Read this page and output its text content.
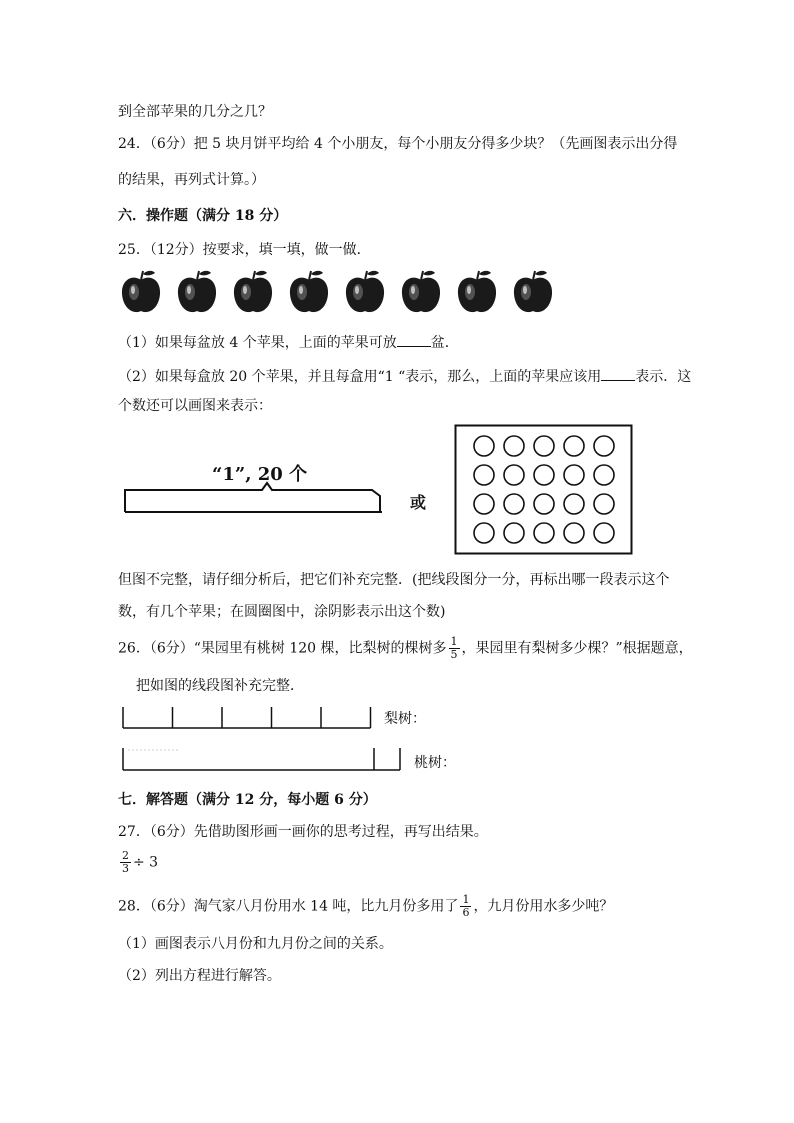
到全部苹果的几分之几？
24．（6分）把 5 块月饼平均给 4 个小朋友，每个小朋友分得多少块？（先画图表示出分得
的结果，再列式计算。）
六．操作题（满分 18 分）
25．（12分）按要求，填一填，做一做．
（1）如果每盆放 4 个苹果，上面的苹果可放 盆．
（2）如果每盒放 20 个苹果，并且每盒用“1 “表示，那么，上面的苹果应该用 表示．这
个数还可以画图来表示：
“1”, 20 个
或
但图不完整，请仔细分析后，把它们补充完整．(把线段图分一分，再标出哪一段表示这个
数，有几个苹果；在圆圈图中，涂阴影表示出这个数)
26．（6分）“果园里有桃树 120 棵，比梨树的棵树多 $\frac{1}{5}$ ，果园里有梨树多少棵？”根据题意，
把如图的线段图补充完整．
梨树：
桃树：
七．解答题（满分 12 分，每小题 6 分）
27．（6分）先借助图形画一画你的思考过程，再写出结果。
$\frac{2}{3} \div 3$
28．（6分）淘气家八月份用水 14 吨，比九月份多用了 $\frac{1}{6}$ ，九月份用水多少吨？
（1）画图表示八月份和九月份之间的关系。
（2）列出方程进行解答。
